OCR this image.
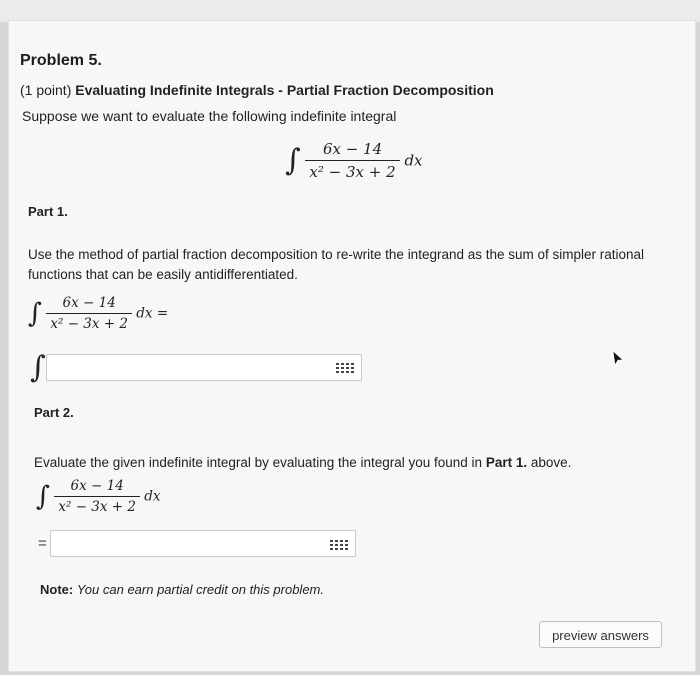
Problem 5.
(1 point) Evaluating Indefinite Integrals - Partial Fraction Decomposition
Suppose we want to evaluate the following indefinite integral
∫ $\frac{6x - 14}{\text{x² − 3x + 2}}$ dx
Part 1.
Use the method of partial fraction decomposition to re-write the integrand as the sum of simpler rational
functions that can be easily antidifferentiated.
∫ $\frac{6x - 14}{\text{x² − 3x + 2}}$ dx =
∫
Part 2.
Evaluate the given indefinite integral by evaluating the integral you found in Part 1. above.
∫ $\frac{6x - 14}{\text{x² − 3x + 2}}$ dx
=
Note: You can earn partial credit on this problem.
preview answers
